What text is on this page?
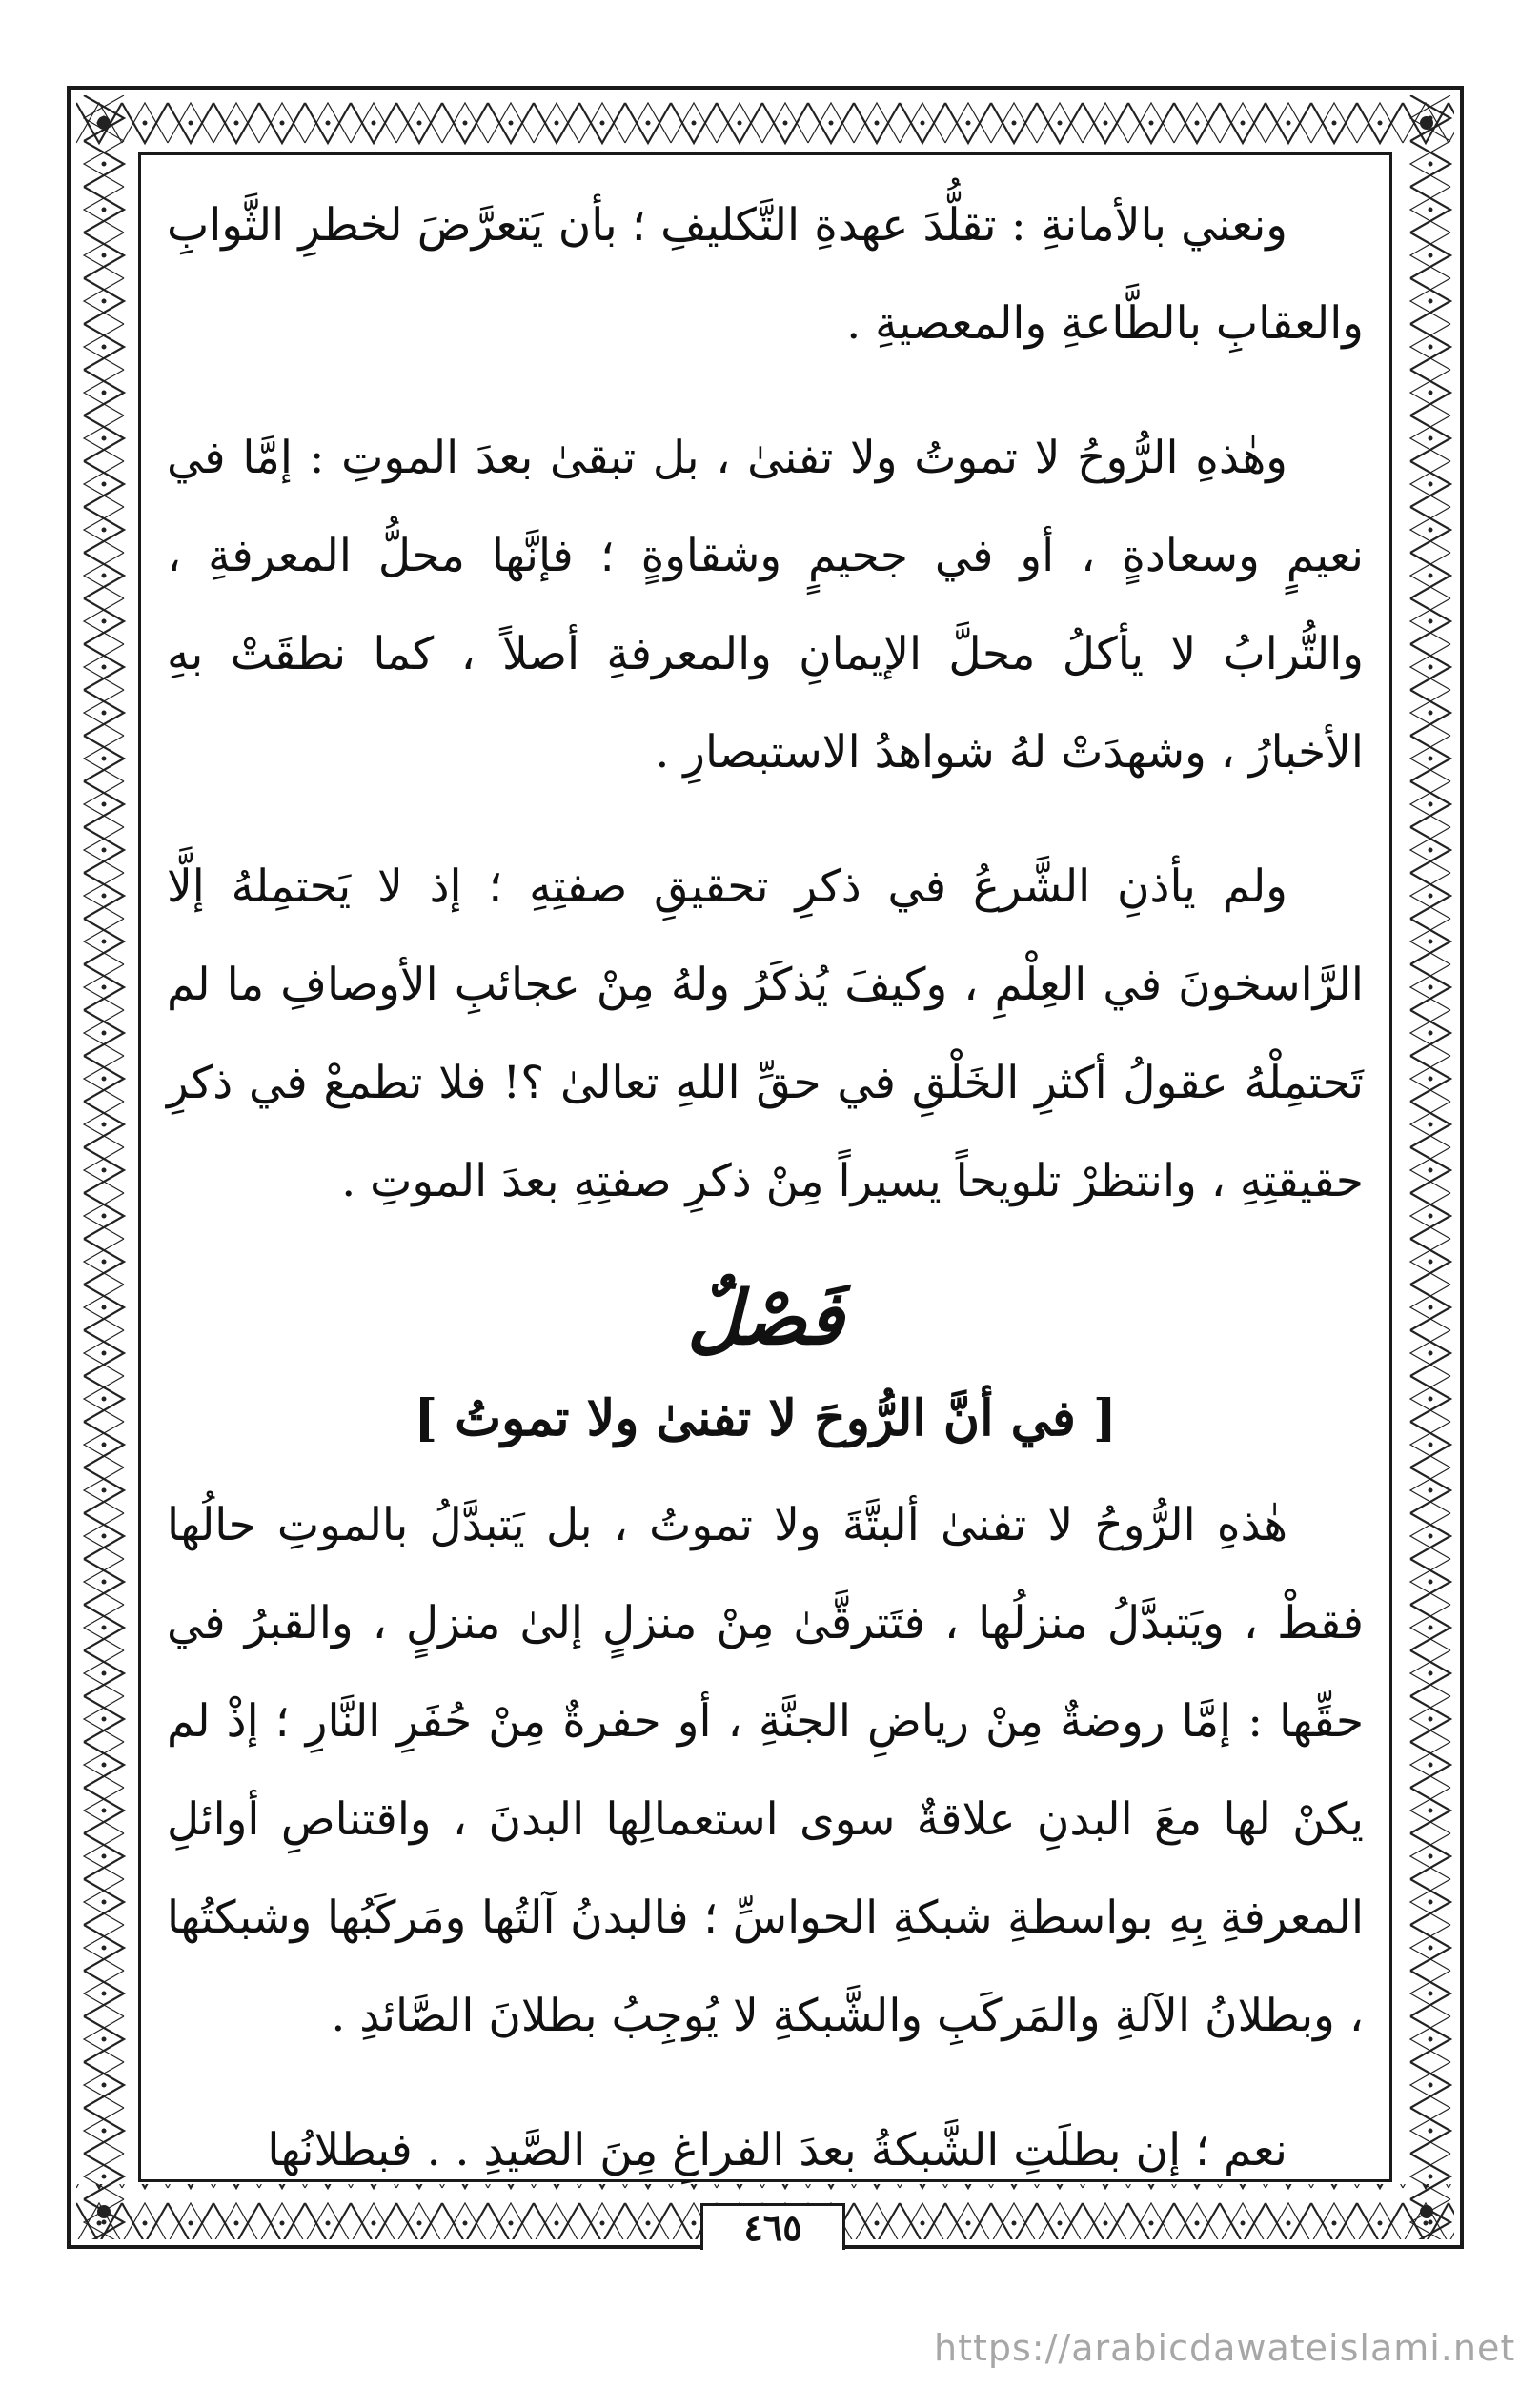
ونعني بالأمانةِ : تقلُّدَ عهدةِ التَّكليفِ ؛ بأن يَتعرَّضَ لخطرِ الثَّوابِ والعقابِ بالطَّاعةِ والمعصيةِ .

وهٰذهِ الرُّوحُ لا تموتُ ولا تفنىٰ ، بل تبقىٰ بعدَ الموتِ : إمَّا في نعيمٍ وسعادةٍ ، أو في جحيمٍ وشقاوةٍ ؛ فإنَّها محلُّ المعرفةِ ، والتُّرابُ لا يأكلُ محلَّ الإيمانِ والمعرفةِ أصلاً ، كما نطقَتْ بهِ الأخبارُ ، وشهدَتْ لهُ شواهدُ الاستبصارِ .

ولم يأذنِ الشَّرعُ في ذكرِ تحقيقِ صفتِهِ ؛ إذ لا يَحتمِلهُ إلَّا الرَّاسخونَ في العِلْمِ ، وكيفَ يُذكَرُ ولهُ مِنْ عجائبِ الأوصافِ ما لم تَحتمِلْهُ عقولُ أكثرِ الخَلْقِ في حقِّ اللهِ تعالىٰ ؟! فلا تطمعْ في ذكرِ حقيقتِهِ ، وانتظرْ تلويحاً يسيراً مِنْ ذكرِ صفتِهِ بعدَ الموتِ .

فَصْلٌ
[ في أنَّ الرُّوحَ لا تفنىٰ ولا تموتُ ]

هٰذهِ الرُّوحُ لا تفنىٰ ألبتَّةَ ولا تموتُ ، بل يَتبدَّلُ بالموتِ حالُها فقطْ ، ويَتبدَّلُ منزلُها ، فتَترقَّىٰ مِنْ منزلٍ إلىٰ منزلٍ ، والقبرُ في حقِّها : إمَّا روضةٌ مِنْ رياضِ الجنَّةِ ، أو حفرةٌ مِنْ حُفَرِ النَّارِ ؛ إذْ لم يكنْ لها معَ البدنِ علاقةٌ سوى استعمالِها البدنَ ، واقتناصِ أوائلِ المعرفةِ بِهِ بواسطةِ شبكةِ الحواسِّ ؛ فالبدنُ آلتُها ومَركَبُها وشبكتُها ، وبطلانُ الآلةِ والمَركَبِ والشَّبكةِ لا يُوجِبُ بطلانَ الصَّائدِ .

نعم ؛ إن بطلَتِ الشَّبكةُ بعدَ الفراغِ مِنَ الصَّيدِ . . فبطلانُها

٤٦٥
https://arabicdawateislami.net
